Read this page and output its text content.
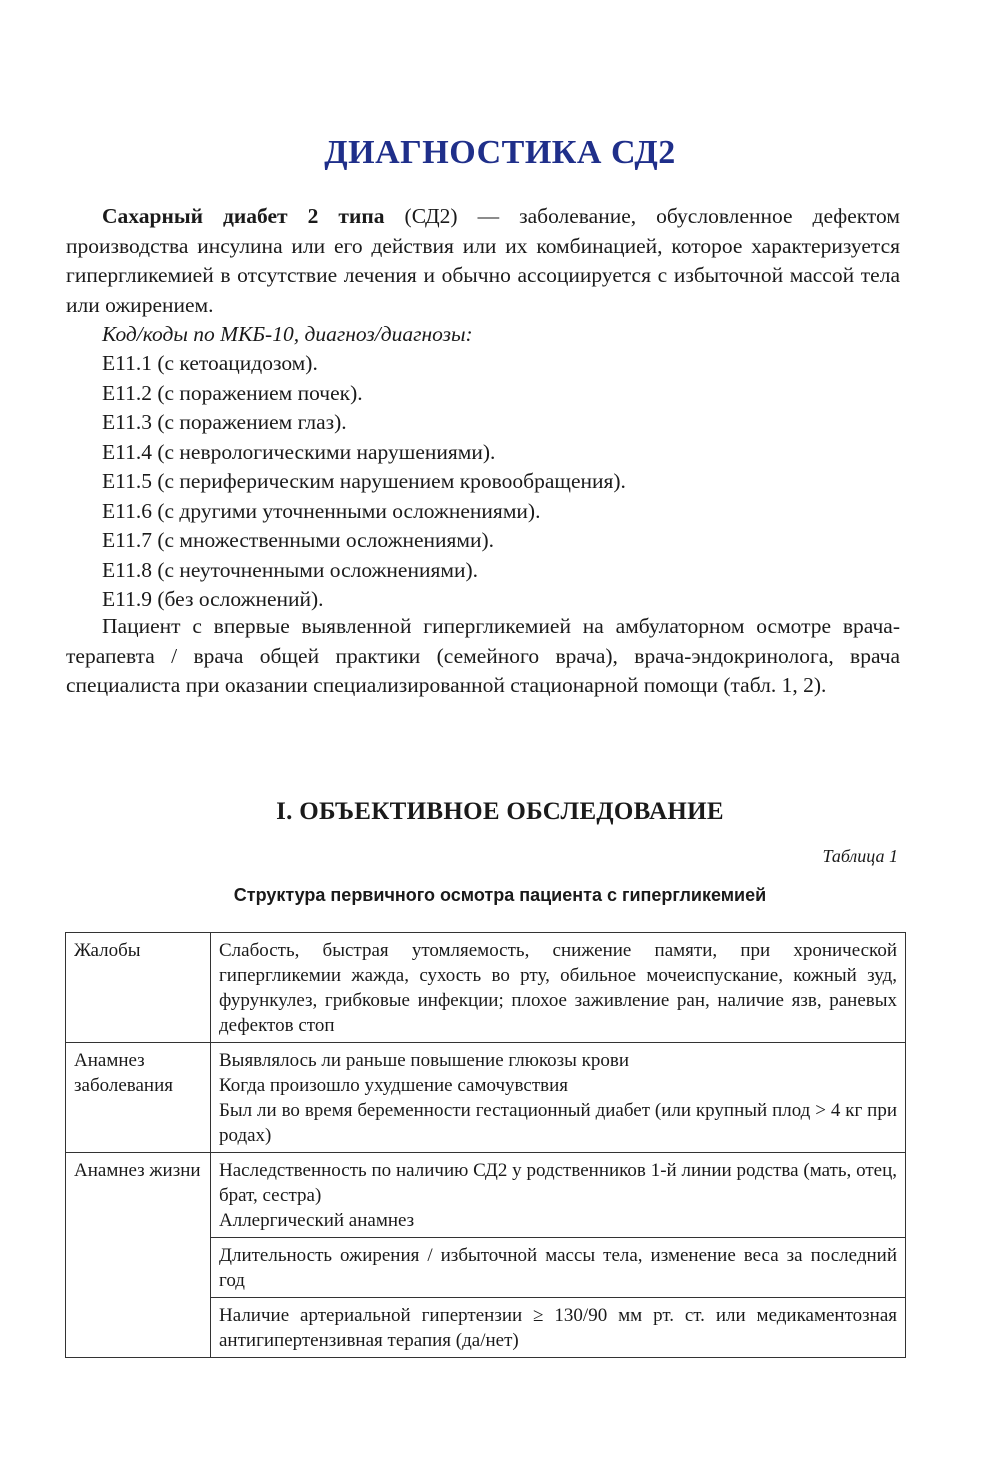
ДИАГНОСТИКА СД2
Сахарный диабет 2 типа (СД2) — заболевание, обусловленное дефектом производства инсулина или его действия или их комбинацией, которое характеризуется гипергликемией в отсутствие лечения и обычно ассоциируется с избыточной массой тела или ожирением.
Код/коды по МКБ-10, диагноз/диагнозы:
E11.1 (с кетоацидозом).
E11.2 (с поражением почек).
E11.3 (с поражением глаз).
E11.4 (с неврологическими нарушениями).
E11.5 (с периферическим нарушением кровообращения).
E11.6 (с другими уточненными осложнениями).
E11.7 (с множественными осложнениями).
E11.8 (с неуточненными осложнениями).
E11.9 (без осложнений).
Пациент с впервые выявленной гипергликемией на амбулаторном осмотре врача-терапевта / врача общей практики (семейного врача), врача-эндокринолога, врача специалиста при оказании специализированной стационарной помощи (табл. 1, 2).
I. ОБЪЕКТИВНОЕ ОБСЛЕДОВАНИЕ
Таблица 1
Структура первичного осмотра пациента с гипергликемией
Жалобы	Слабость, быстрая утомляемость, снижение памяти, при хронической гипергликемии жажда, сухость во рту, обильное мочеиспускание, кожный зуд, фурункулез, грибковые инфекции; плохое заживление ран, наличие язв, раневых дефектов стоп
Анамнез заболевания	Выявлялось ли раньше повышение глюкозы крови
Когда произошло ухудшение самочувствия
Был ли во время беременности гестационный диабет (или крупный плод > 4 кг при родах)

Анамнез жизни	Наследственность по наличию СД2 у родственников 1-й линии родства (мать, отец, брат, сестра)
Аллергический анамнез

	Длительность ожирения / избыточной массы тела, изменение веса за последний год
	Наличие артериальной гипертензии ≥ 130/90 мм рт. ст. или медикаментозная антигипертензивная терапия (да/нет)
